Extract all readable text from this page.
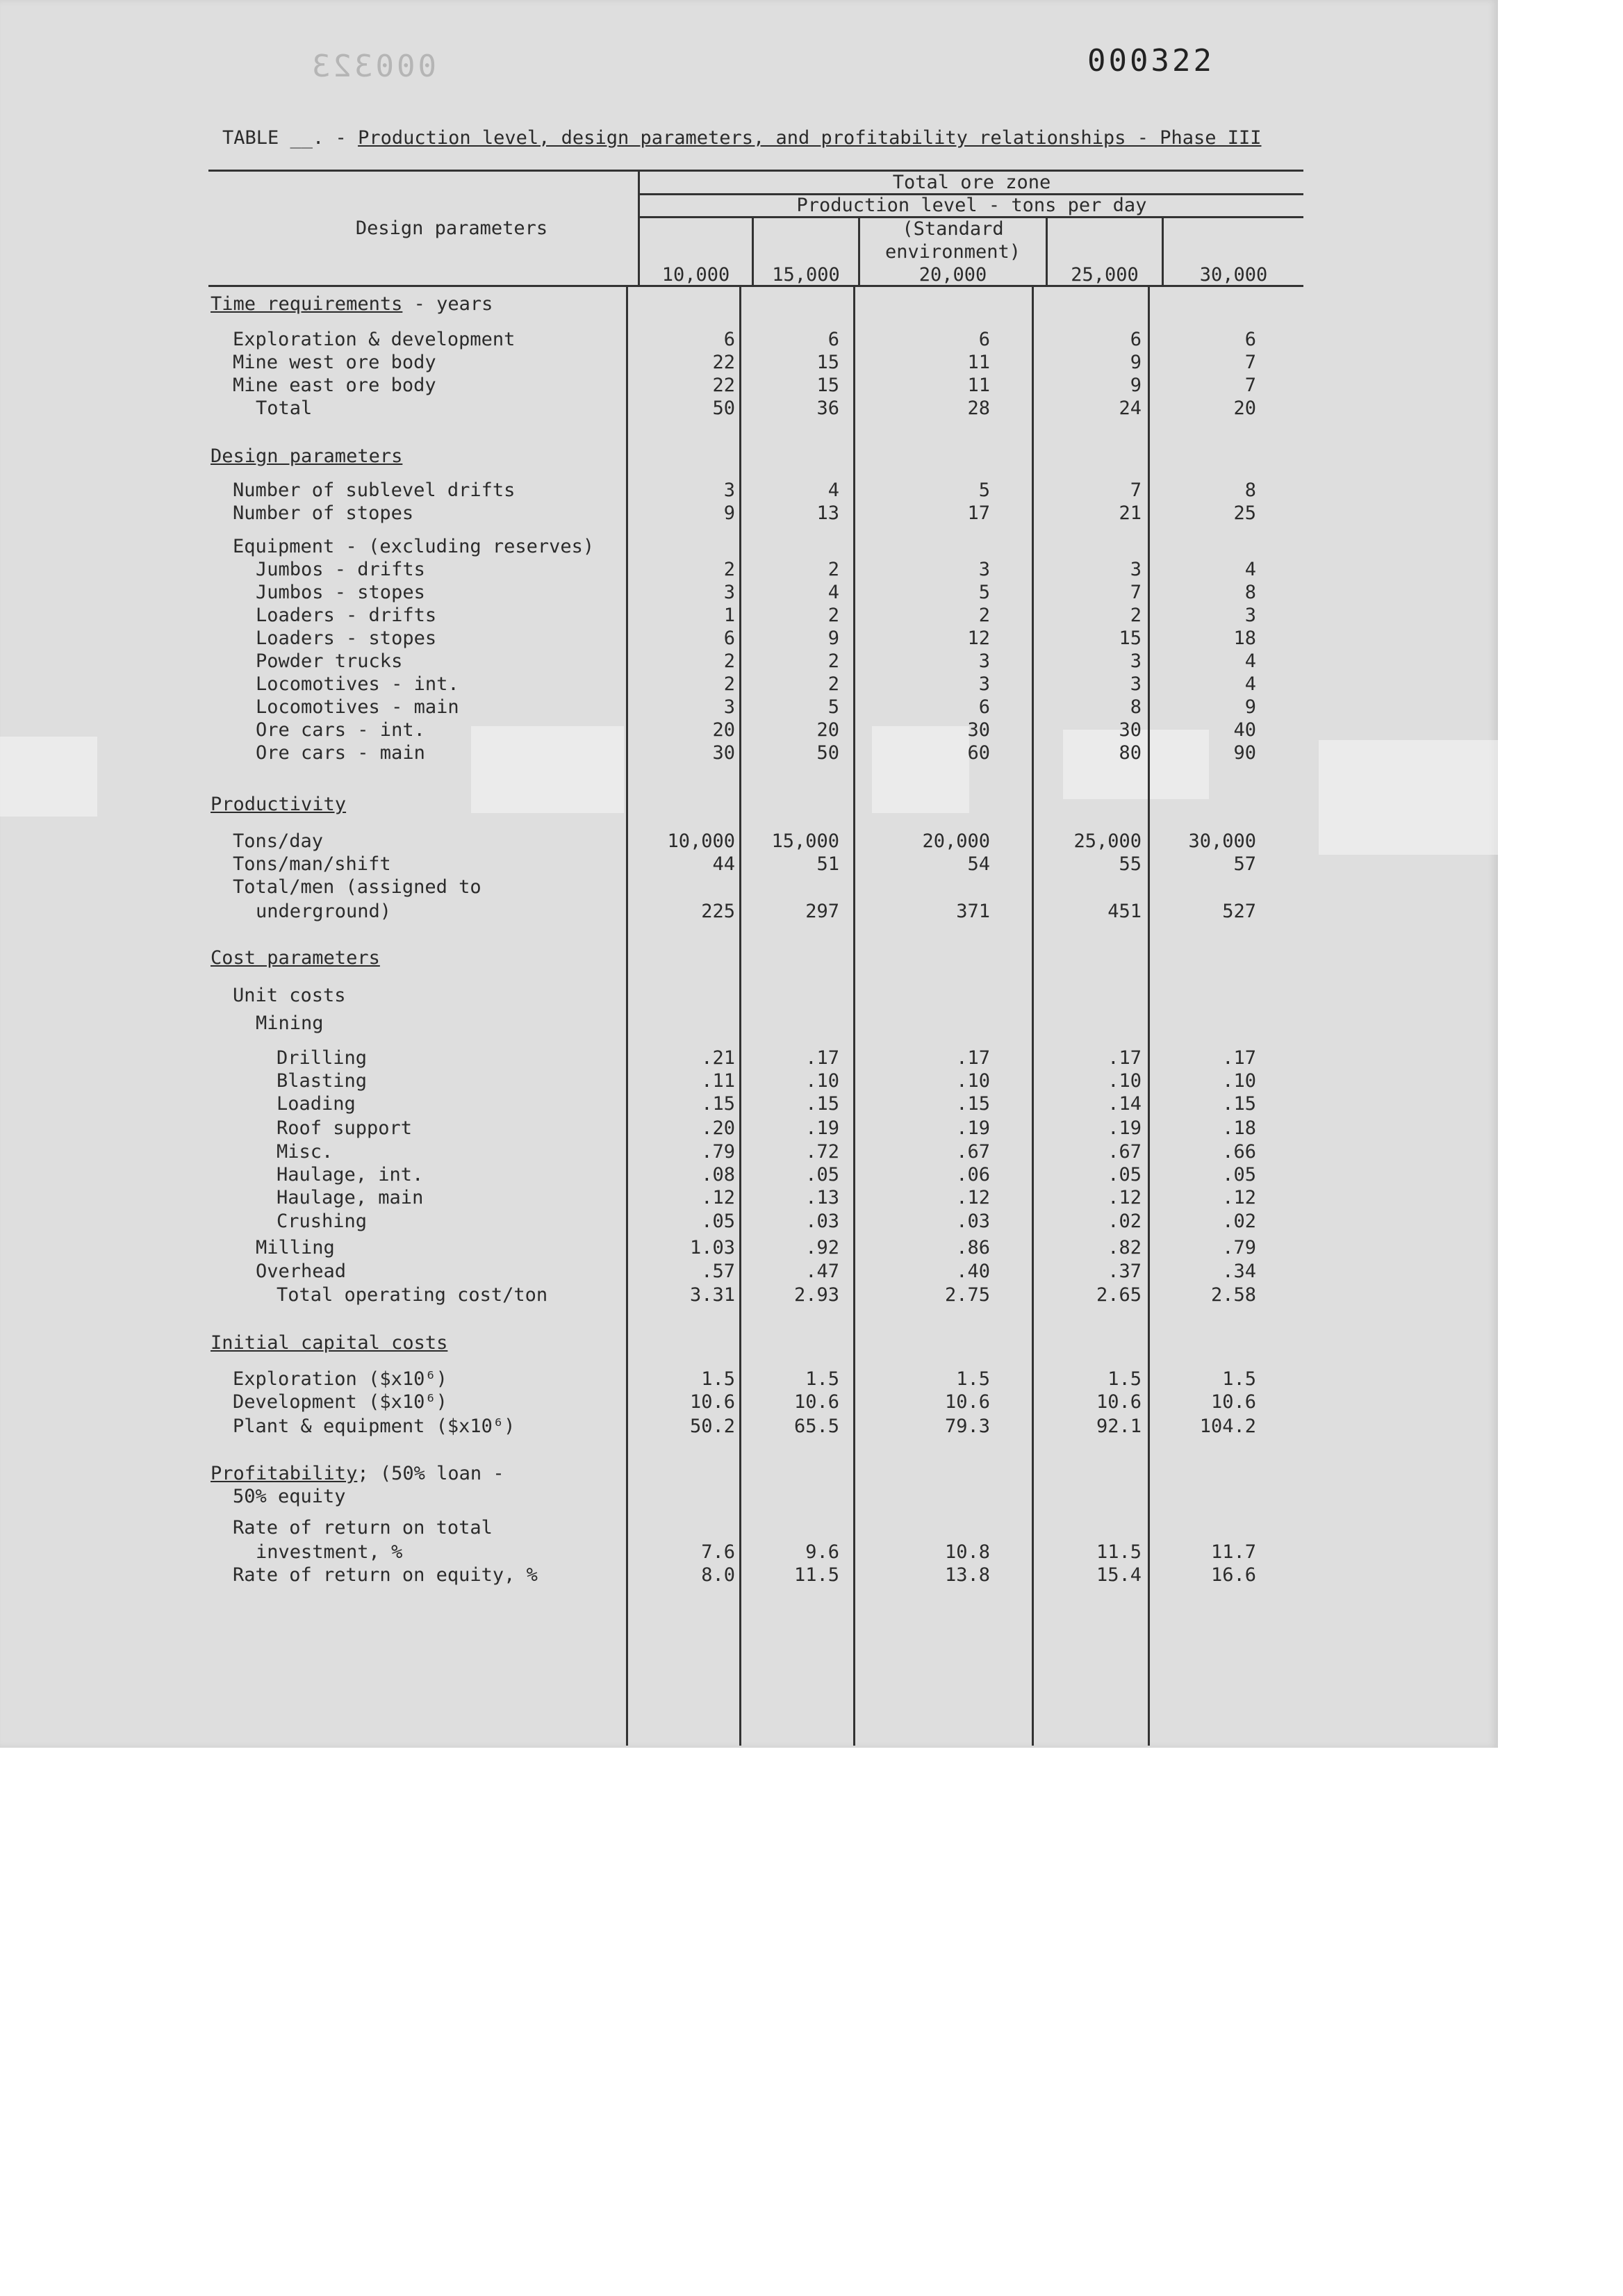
000323	000322
TABLE __. - Production level, design parameters, and profitability relationships - Phase III
Design parameters
Total ore zone
Production level - tons per day
(Standard
environment)
10,000	15,000	20,000	25,000	30,000
Time requirements - years
Exploration & development	6	6	6	6	6
Mine west ore body	22	15	11	9	7
Mine east ore body	22	15	11	9	7
Total	50	36	28	24	20
Design parameters
Number of sublevel drifts	3	4	5	7	8
Number of stopes	9	13	17	21	25
Equipment - (excluding reserves)
Jumbos - drifts	2	2	3	3	4
Jumbos - stopes	3	4	5	7	8
Loaders - drifts	1	2	2	2	3
Loaders - stopes	6	9	12	15	18
Powder trucks	2	2	3	3	4
Locomotives - int.	2	2	3	3	4
Locomotives - main	3	5	6	8	9
Ore cars - int.	20	20	30	30	40
Ore cars - main	30	50	60	80	90
Productivity
Tons/day	10,000	15,000	20,000	25,000	30,000
Tons/man/shift	44	51	54	55	57
Total/men (assigned to
underground)	225	297	371	451	527
Cost parameters
Unit costs
Mining
Drilling	.21	.17	.17	.17	.17
Blasting	.11	.10	.10	.10	.10
Loading	.15	.15	.15	.14	.15
Roof support	.20	.19	.19	.19	.18
Misc.	.79	.72	.67	.67	.66
Haulage, int.	.08	.05	.06	.05	.05
Haulage, main	.12	.13	.12	.12	.12
Crushing	.05	.03	.03	.02	.02
Milling	1.03	.92	.86	.82	.79
Overhead	.57	.47	.40	.37	.34
Total operating cost/ton	3.31	2.93	2.75	2.65	2.58
Initial capital costs
Exploration ($x10⁶)	1.5	1.5	1.5	1.5	1.5
Development ($x10⁶)	10.6	10.6	10.6	10.6	10.6
Plant & equipment ($x10⁶)	50.2	65.5	79.3	92.1	104.2
Profitability; (50% loan -
50% equity
Rate of return on total
investment, %	7.6	9.6	10.8	11.5	11.7
Rate of return on equity, %	8.0	11.5	13.8	15.4	16.6
